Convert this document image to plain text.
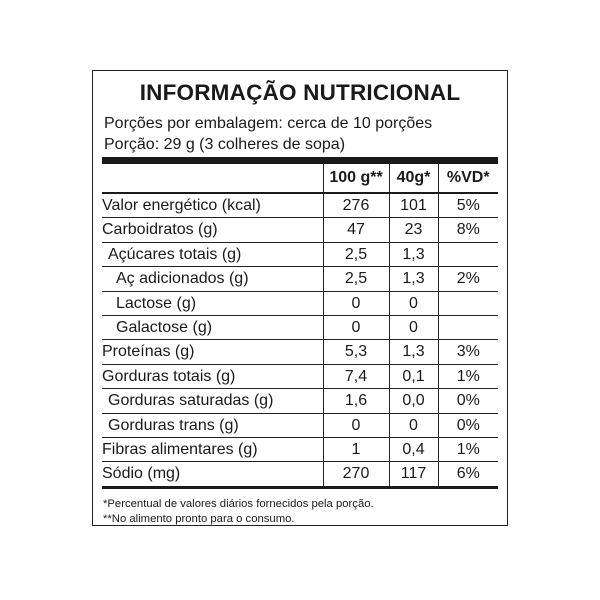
INFORMAÇÃO NUTRICIONAL
Porções por embalagem: cerca de 10 porções
Porção: 29 g (3 colheres de sopa)
	100 g**	40g*	%VD*
Valor energético (kcal)	276	101	5%
Carboidratos (g)	47	23	8%
Açúcares totais (g)	2,5	1,3	
Aç adicionados (g)	2,5	1,3	2%
Lactose (g)	0	0	
Galactose (g)	0	0	
Proteínas (g)	5,3	1,3	3%
Gorduras totais (g)	7,4	0,1	1%
Gorduras saturadas (g)	1,6	0,0	0%
Gorduras trans (g)	0	0	0%
Fibras alimentares (g)	1	0,4	1%
Sódio (mg)	270	117	6%
*Percentual de valores diários fornecidos pela porção.
**No alimento pronto para o consumo.
